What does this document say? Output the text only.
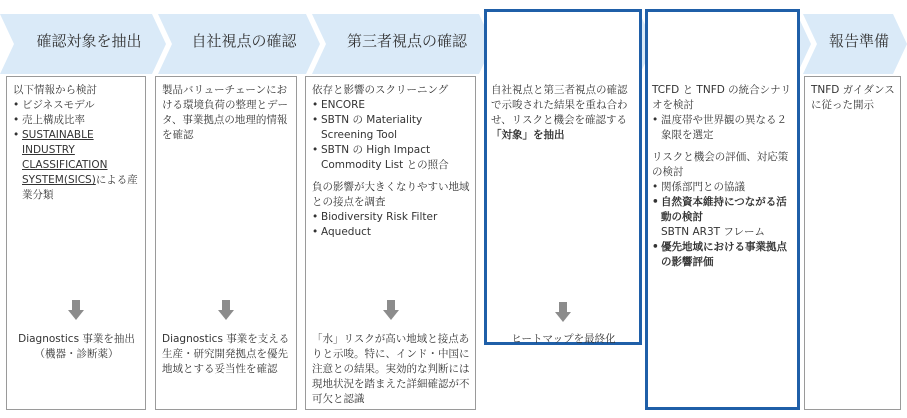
確認対象を抽出	自社視点の確認	第三者視点の確認	報告準備

以下情報から検討

• ビジネスモデル
• 売上構成比率
• SUSTAINABLE INDUSTRY CLASSIFICATION SYSTEM(SICS)による産業分類
Diagnostics 事業を抽出（機器・診断薬）

製品バリューチェーンにおける環境負荷の整理とデータ、事業拠点の地理的情報を確認

Diagnostics 事業を支える生産・研究開発拠点を優先地域とする妥当性を確認

依存と影響のスクリーニング

• ENCORE
• SBTN の Materiality Screening Tool
• SBTN の High Impact Commodity List との照合

負の影響が大きくなりやすい地域との接点を調査

• Biodiversity Risk Filter
• Aqueduct
「水」リスクが高い地域と接点ありと示唆。特に、インド・中国に注意との結果。実効的な判断には現地状況を踏まえた詳細確認が不可欠と認識

自社視点と第三者視点の確認で示唆された結果を重ね合わせ、リスクと機会を確認する「対象」を抽出

ヒートマップを最終化

TCFD と TNFD の統合シナリオを検討

• 温度帯や世界観の異なる２象限を選定

リスクと機会の評価、対応策の検討

• 関係部門との協議
• 自然資本維持につながる活動の検討
SBTN AR3T フレーム
• 優先地域における事業拠点の影響評価

TNFD ガイダンスに従った開示
